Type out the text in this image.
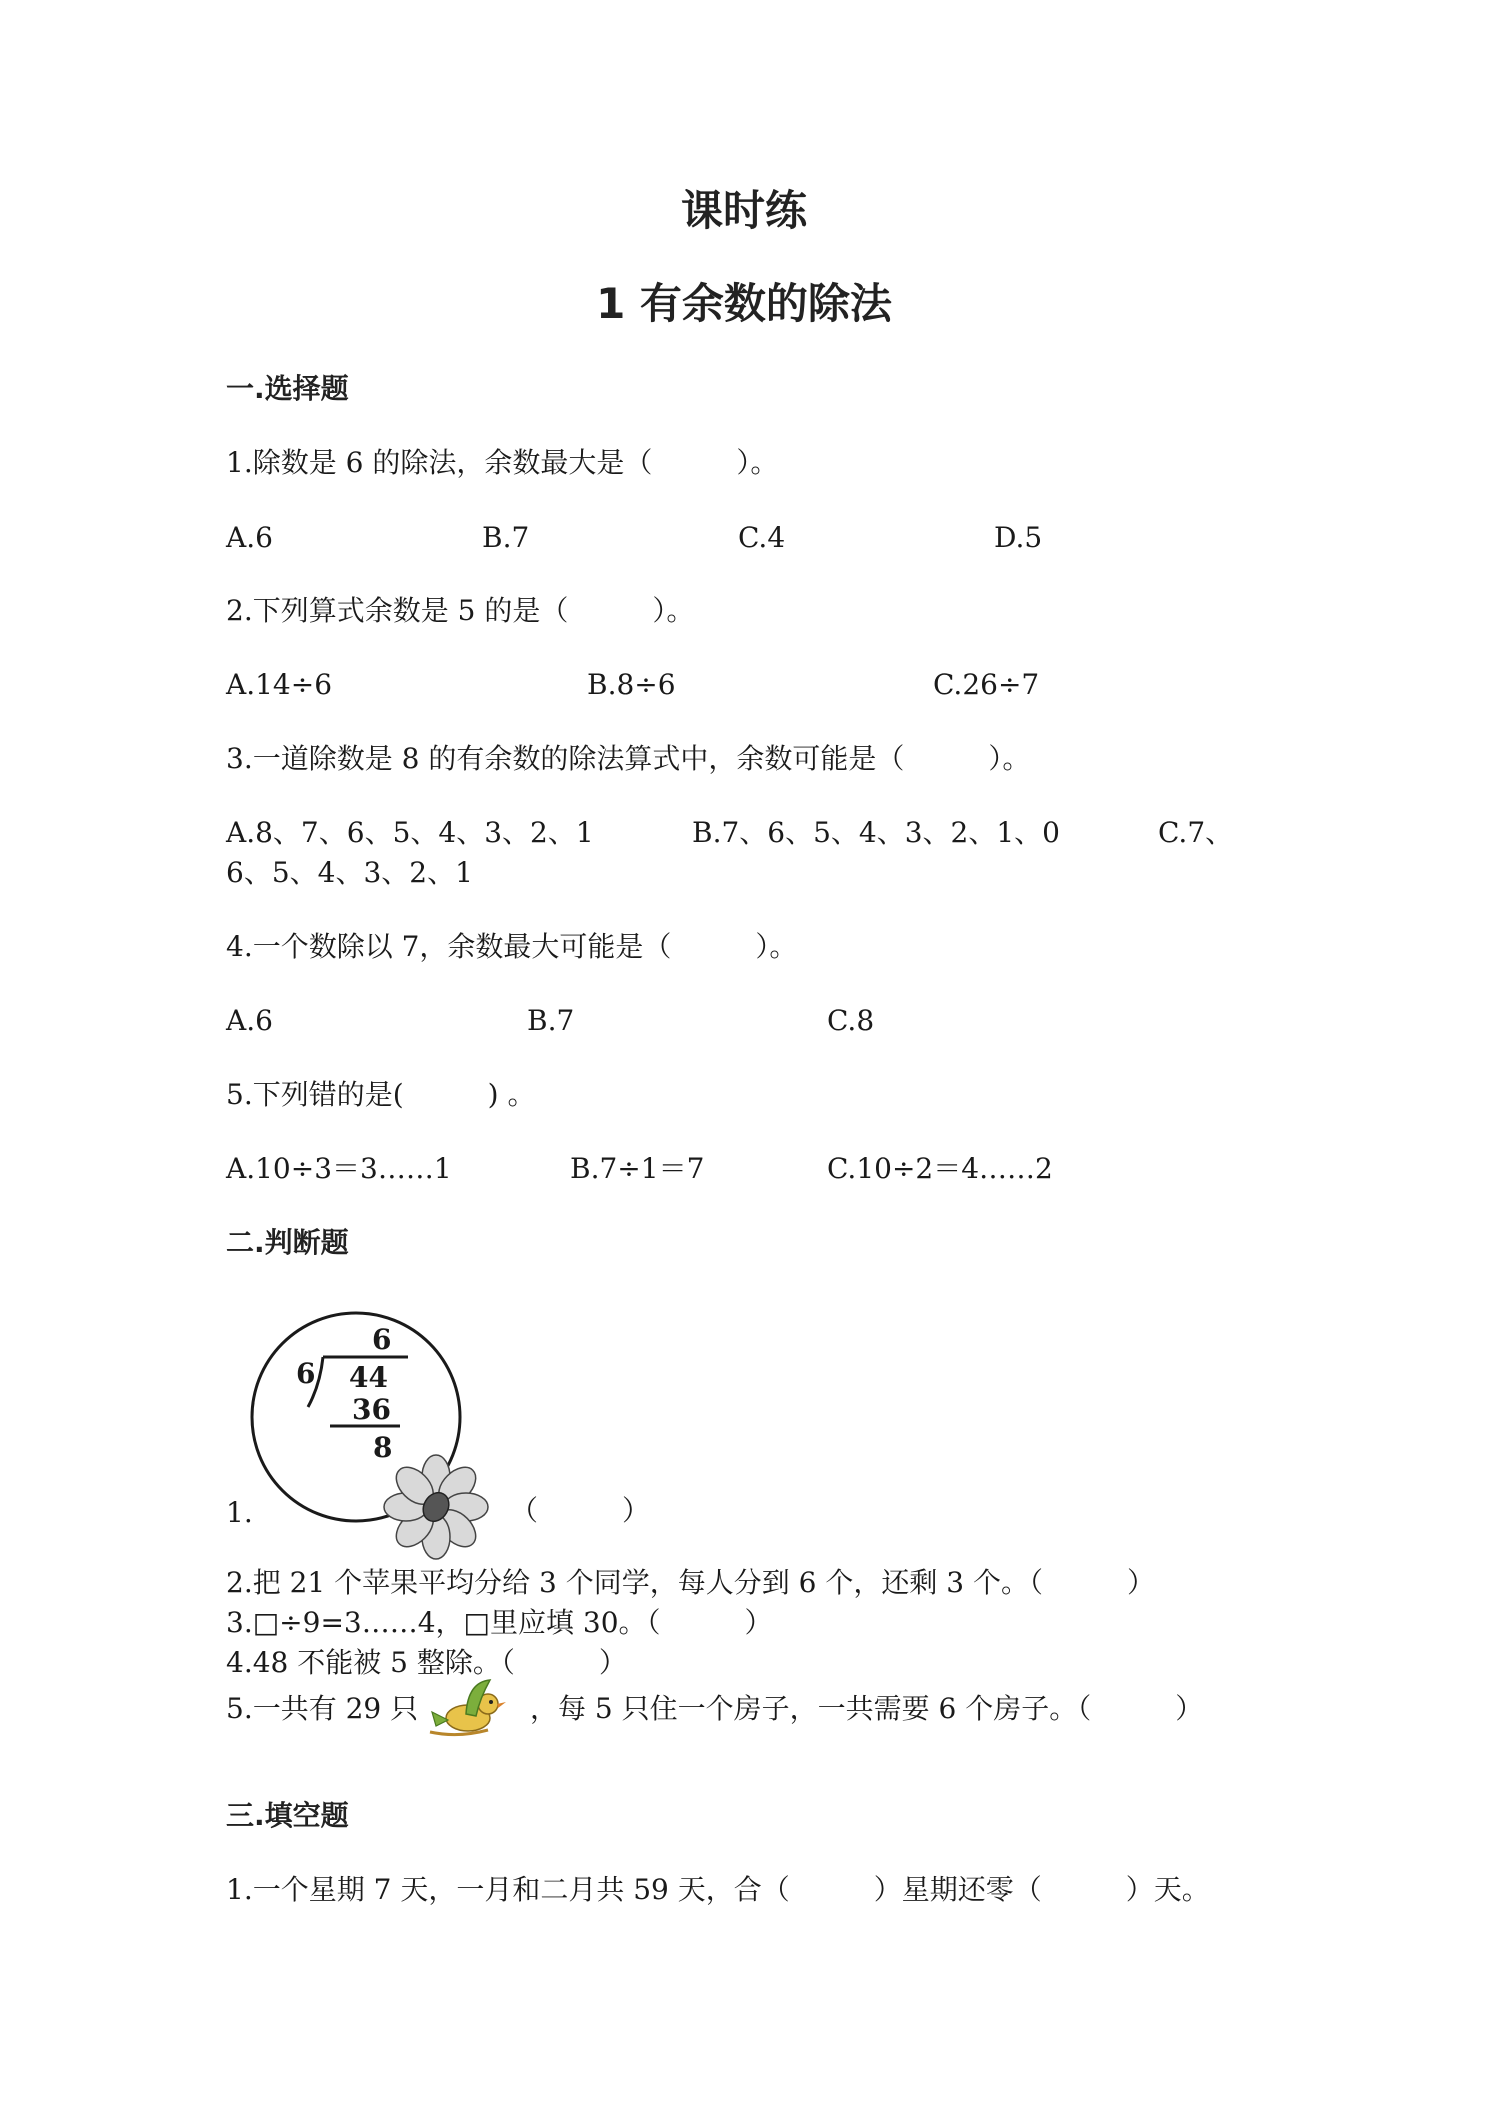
课时练
1 有余数的除法
一.选择题
1.除数是 6 的除法，余数最大是（　　　）。
A.6	B.7	C.4	D.5
2.下列算式余数是 5 的是（　　　）。
A.14÷6	B.8÷6	C.26÷7
3.一道除数是 8 的有余数的除法算式中，余数可能是（　　　）。
A.8、7、6、5、4、3、2、1	B.7、6、5、4、3、2、1、0	C.7、
6、5、4、3、2、1
4.一个数除以 7，余数最大可能是（　　　）。
A.6	B.7	C.8
5.下列错的是(　　　) 。
A.10÷3＝3……1	B.7÷1＝7	C.10÷2＝4……2
二.判断题
6
6 44
36
8
1.	（　　　）
2.把 21 个苹果平均分给 3 个同学，每人分到 6 个，还剩 3 个。（　　　）
3.□÷9=3……4，□里应填 30。（　　　）
4.48 不能被 5 整除。（　　　）
5.一共有 29 只	，每 5 只住一个房子，一共需要 6 个房子。（　　　）
三.填空题
1.一个星期 7 天，一月和二月共 59 天，合（　　　）星期还零（　　　）天。
